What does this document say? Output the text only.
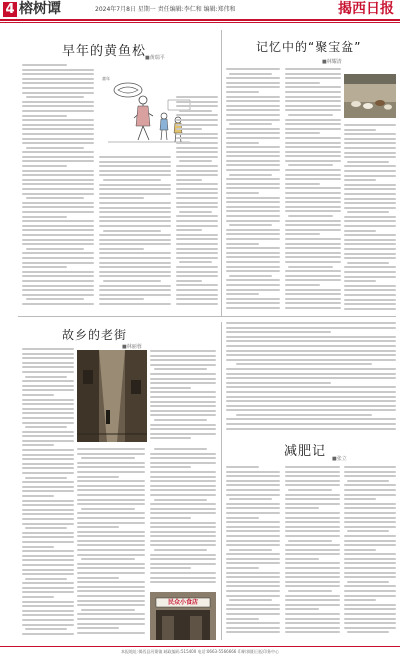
4 榕树谭	2024年7月8日 星期一 责任编辑:李仁和 编辑:郑伟和	揭西日报
早年的黄鱼松
■黄瑞平
童年
记忆中的“聚宝盆”
■林耀清
故乡的老街
■林丽蓉
民众小食店
减肥记 ■张立
本报地址:揭西县河婆镇 邮政编码:515400 电话:0663-5566666 印刷:揭阳日报印务中心
